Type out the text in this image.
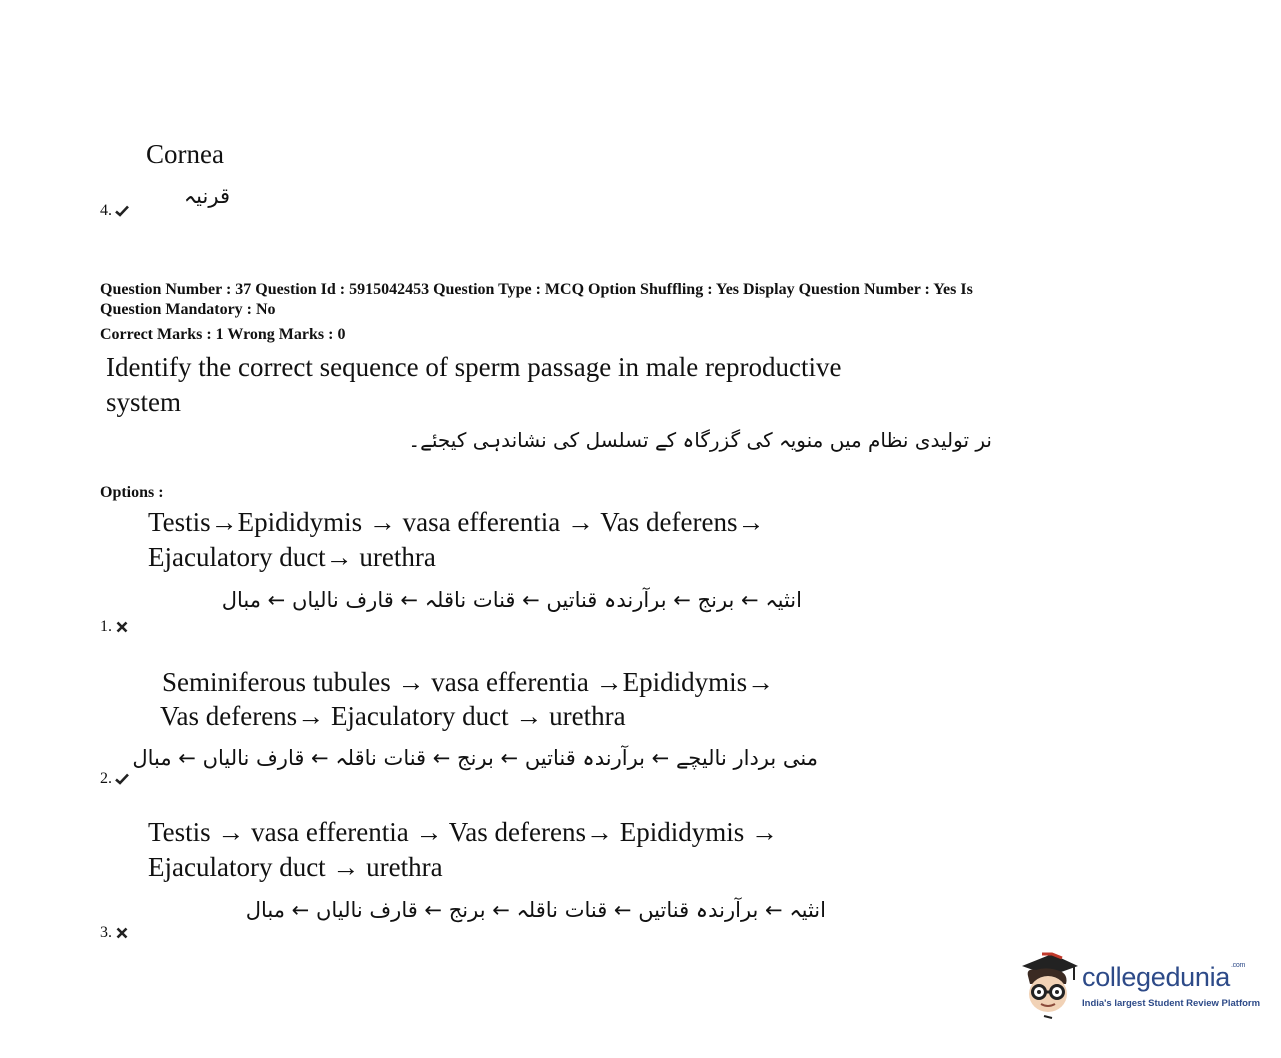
Cornea
قرنیہ
4.
Question Number : 37 Question Id : 5915042453 Question Type : MCQ Option Shuffling : Yes Display Question Number : Yes Is
Question Mandatory : No
Correct Marks : 1 Wrong Marks : 0
Identify the correct sequence of sperm passage in male reproductive
system
نر تولیدی نظام میں منویہ کی گزرگاہ کے تسلسل کی نشاندہی کیجئے۔
Options :
Testis→Epididymis → vasa efferentia → Vas deferens→
Ejaculatory duct→ urethra
انثیہ ← برنج ← برآرندہ قناتیں ← قنات ناقلہ ← قارف نالیاں ← مبال
1.
Seminiferous tubules → vasa efferentia →Epididymis→
Vas deferens→ Ejaculatory duct → urethra
منی بردار نالیچے ← برآرندہ قناتیں ← برنج ← قنات ناقلہ ← قارف نالیاں ← مبال
2.
Testis → vasa efferentia → Vas deferens→ Epididymis →
Ejaculatory duct → urethra
انثیہ ← برآرندہ قناتیں ← قنات ناقلہ ← برنج ← قارف نالیاں ← مبال
3.
collegedunia$^{.com}$
India's largest Student Review Platform
